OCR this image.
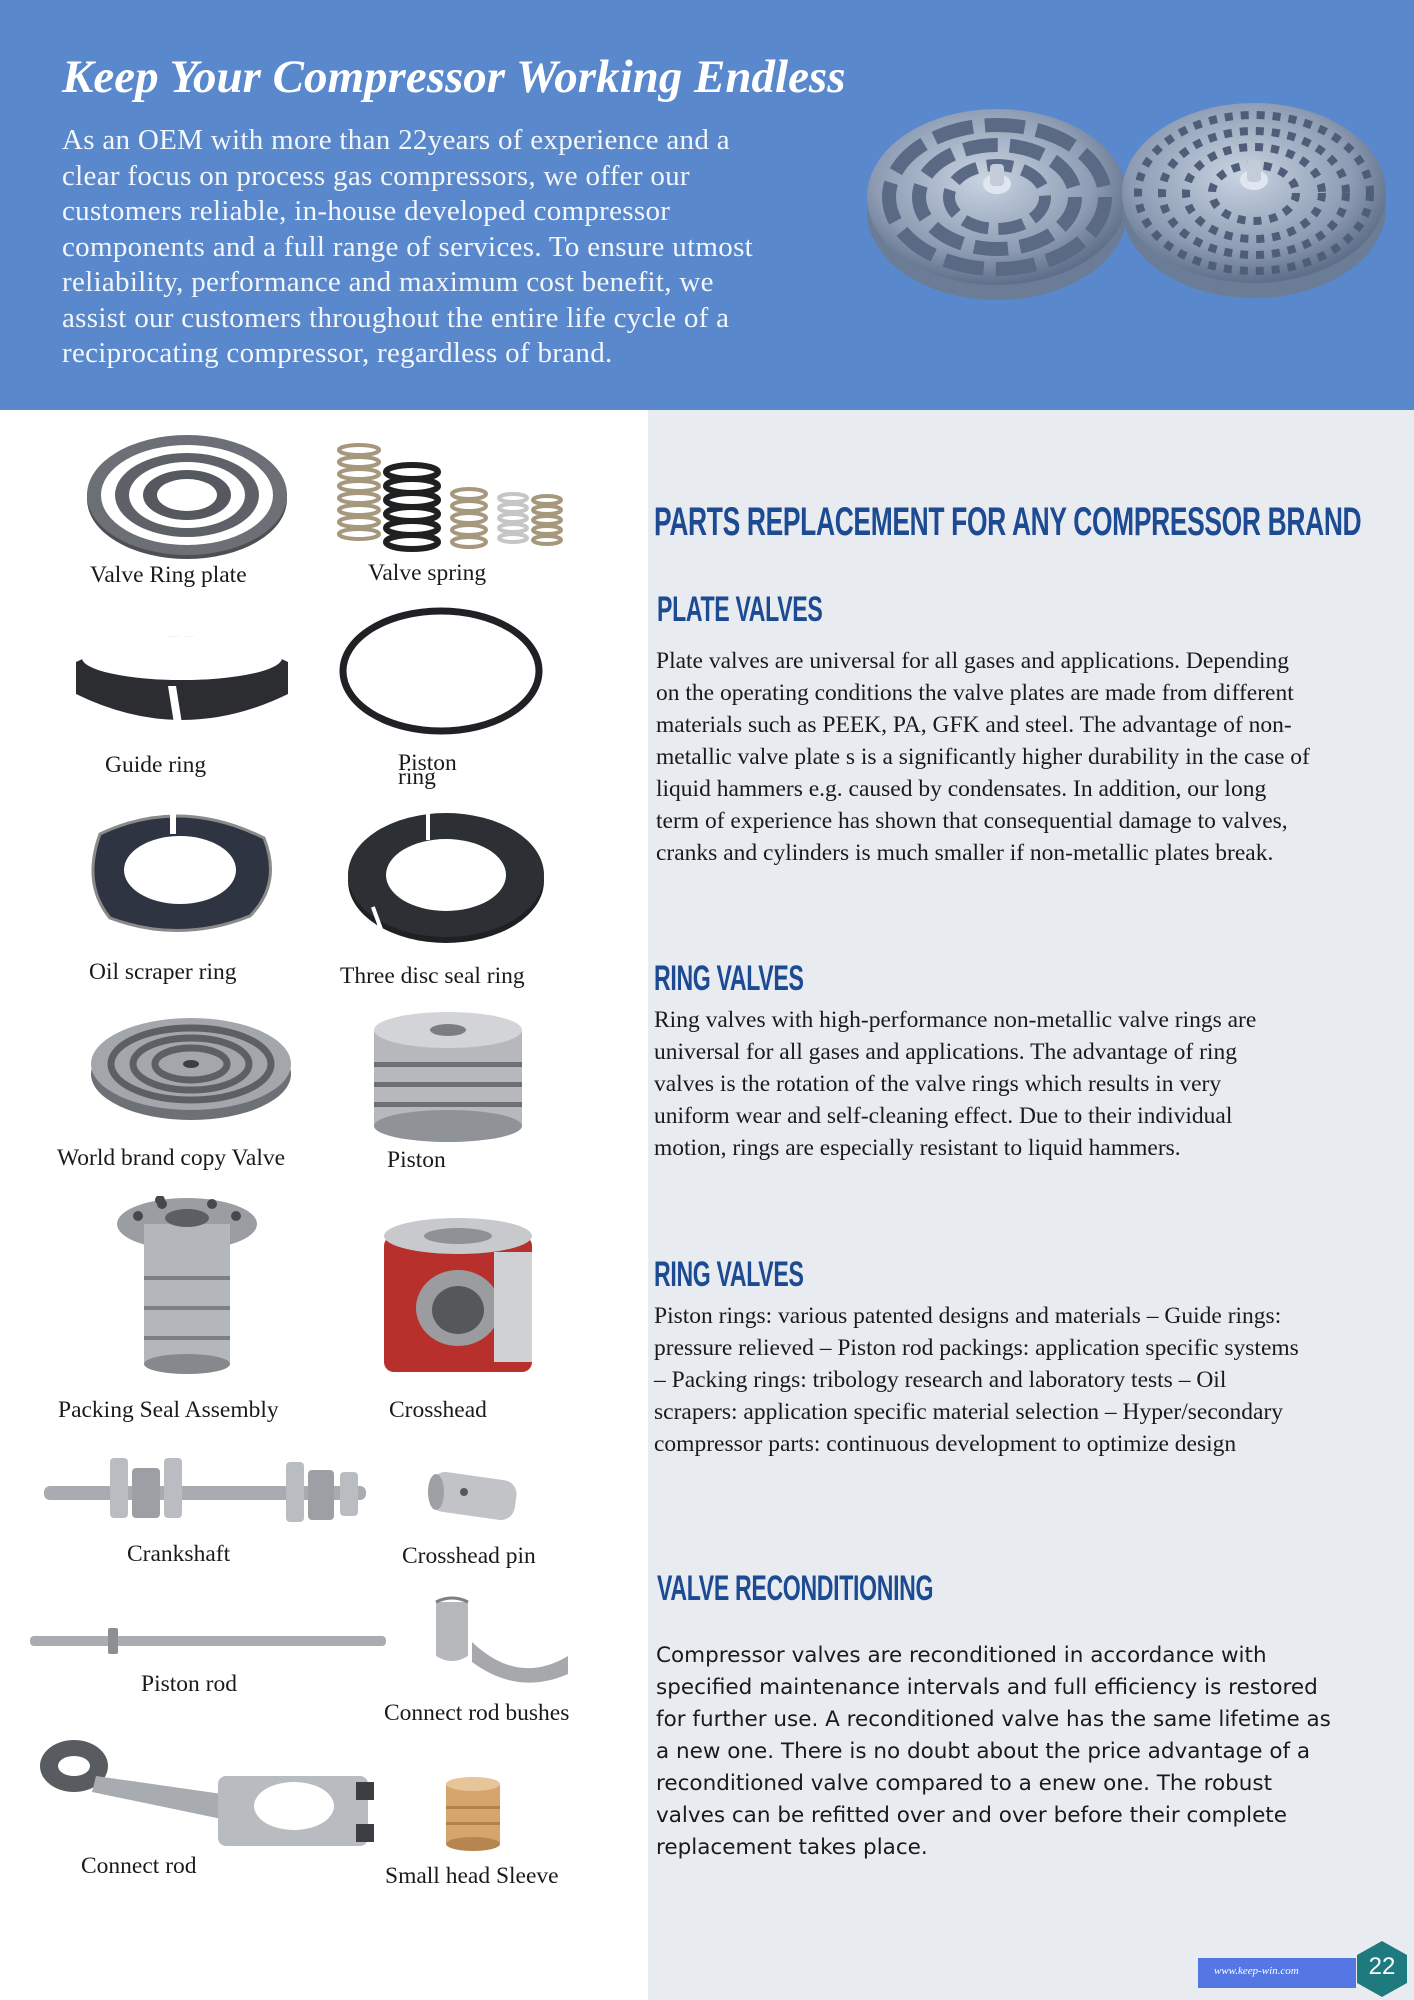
Keep Your Compressor Working Endless

As an OEM with more than 22years of experience and a
clear focus on process gas compressors, we offer our
customers reliable, in-house developed compressor
components and a full range of services. To ensure utmost
reliability, performance and maximum cost benefit, we
assist our customers throughout the entire life cycle of a
reciprocating compressor, regardless of brand.

PARTS REPLACEMENT FOR ANY COMPRESSOR BRAND
PLATE VALVES

Plate valves are universal for all gases and applications. Depending
on the operating conditions the valve plates are made from different
materials such as PEEK, PA, GFK and steel. The advantage of non-
metallic valve plate s is a significantly higher durability in the case of
liquid hammers e.g. caused by condensates. In addition, our long
term of experience has shown that consequential damage to valves,
cranks and cylinders is much smaller if non-metallic plates break.

RING VALVES

Ring valves with high-performance non-metallic valve rings are
universal for all gases and applications. The advantage of ring
valves is the rotation of the valve rings which results in very
uniform wear and self-cleaning effect. Due to their individual
motion, rings are especially resistant to liquid hammers.

RING VALVES

Piston rings: various patented designs and materials – Guide rings:
pressure relieved – Piston rod packings: application specific systems
– Packing rings: tribology research and laboratory tests – Oil
scrapers: application specific material selection – Hyper/secondary
compressor parts: continuous development to optimize design

VALVE RECONDITIONING

Compressor valves are reconditioned in accordance with
specified maintenance intervals and full efficiency is restored
for further use. A reconditioned valve has the same lifetime as
a new one. There is no doubt about the price advantage of a
reconditioned valve compared to a enew one. The robust
valves can be refitted over and over before their complete
replacement takes place.

Valve Ring plate	Valve spring
Guide ring	Piston ring
Oil scraper ring	Three disc seal ring
World brand copy Valve	Piston
Packing Seal Assembly	Crosshead
Crankshaft	Crosshead pin
Piston rod
Connect rod bushes
Connect rod	Small head Sleeve
www.keep-win.com	22
